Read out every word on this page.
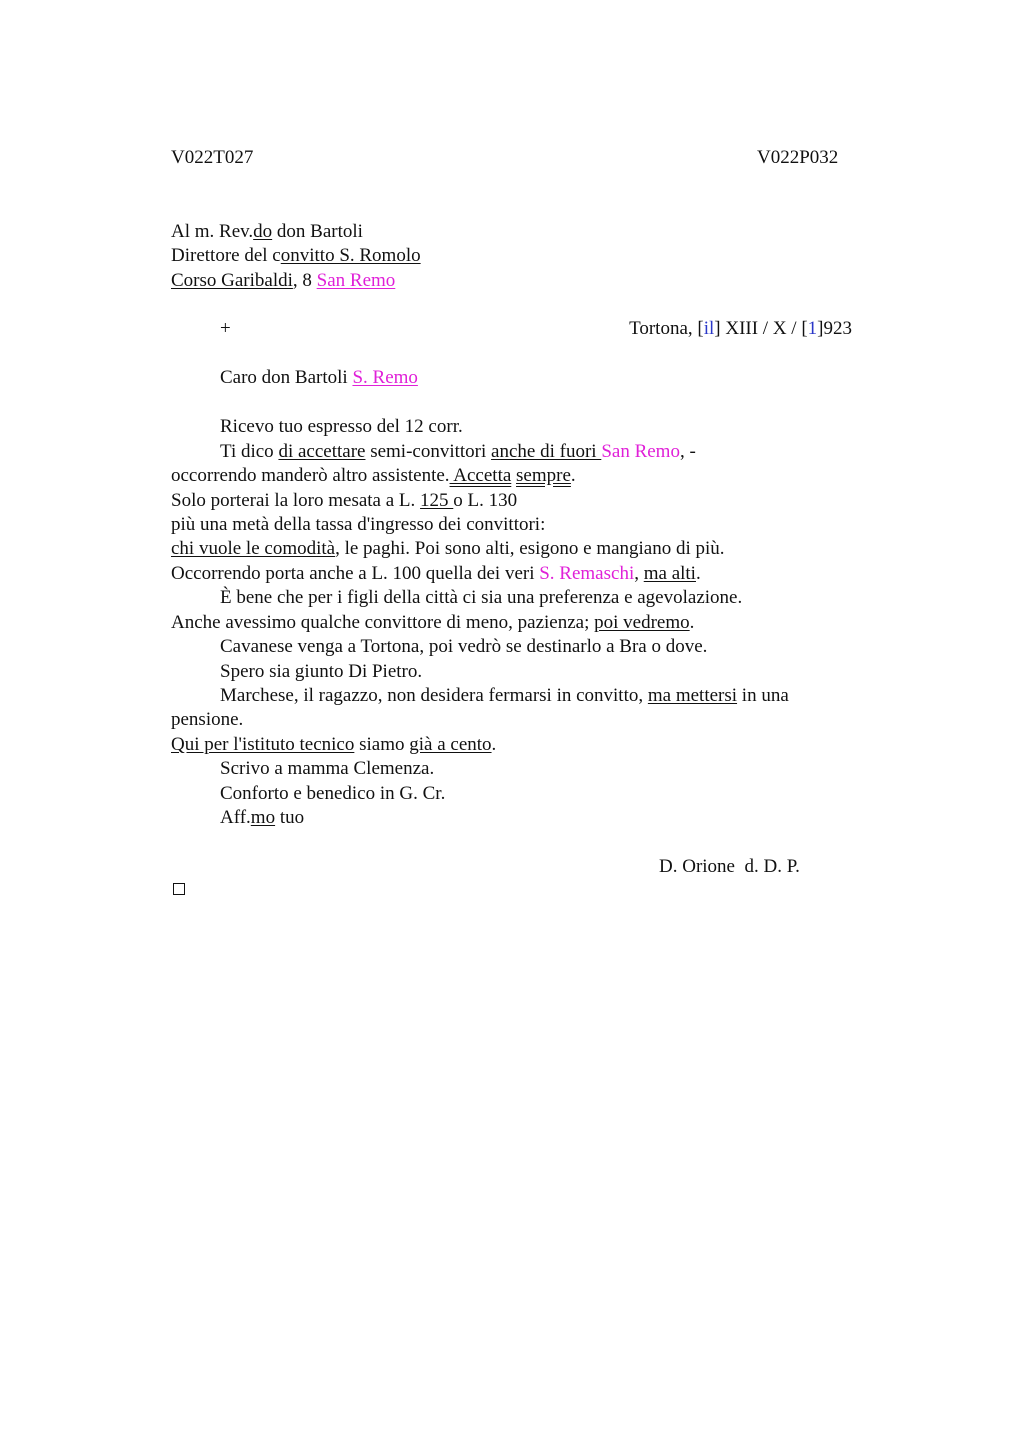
V022T027	V022P032
Al m. Rev.do don Bartoli
Direttore del convitto S. Romolo
Corso Garibaldi, 8 San Remo
+	Tortona, [il] XIII / X / [1]923
Caro don Bartoli S. Remo
Ricevo tuo espresso del 12 corr.
Ti dico di accettare semi-convittori anche di fuori San Remo, -
occorrendo manderò altro assistente. Accetta sempre.
Solo porterai la loro mesata a L. 125 o L. 130
più una metà della tassa d'ingresso dei convittori:
chi vuole le comodità, le paghi. Poi sono alti, esigono e mangiano di più.
Occorrendo porta anche a L. 100 quella dei veri S. Remaschi, ma alti.
È bene che per i figli della città ci sia una preferenza e agevolazione.
Anche avessimo qualche convittore di meno, pazienza; poi vedremo.
Cavanese venga a Tortona, poi vedrò se destinarlo a Bra o dove.
Spero sia giunto Di Pietro.
Marchese, il ragazzo, non desidera fermarsi in convitto, ma mettersi in una
pensione.
Qui per l'istituto tecnico siamo già a cento.
Scrivo a mamma Clemenza.
Conforto e benedico in G. Cr.
Aff.mo tuo
D. Orione  d. D. P.
